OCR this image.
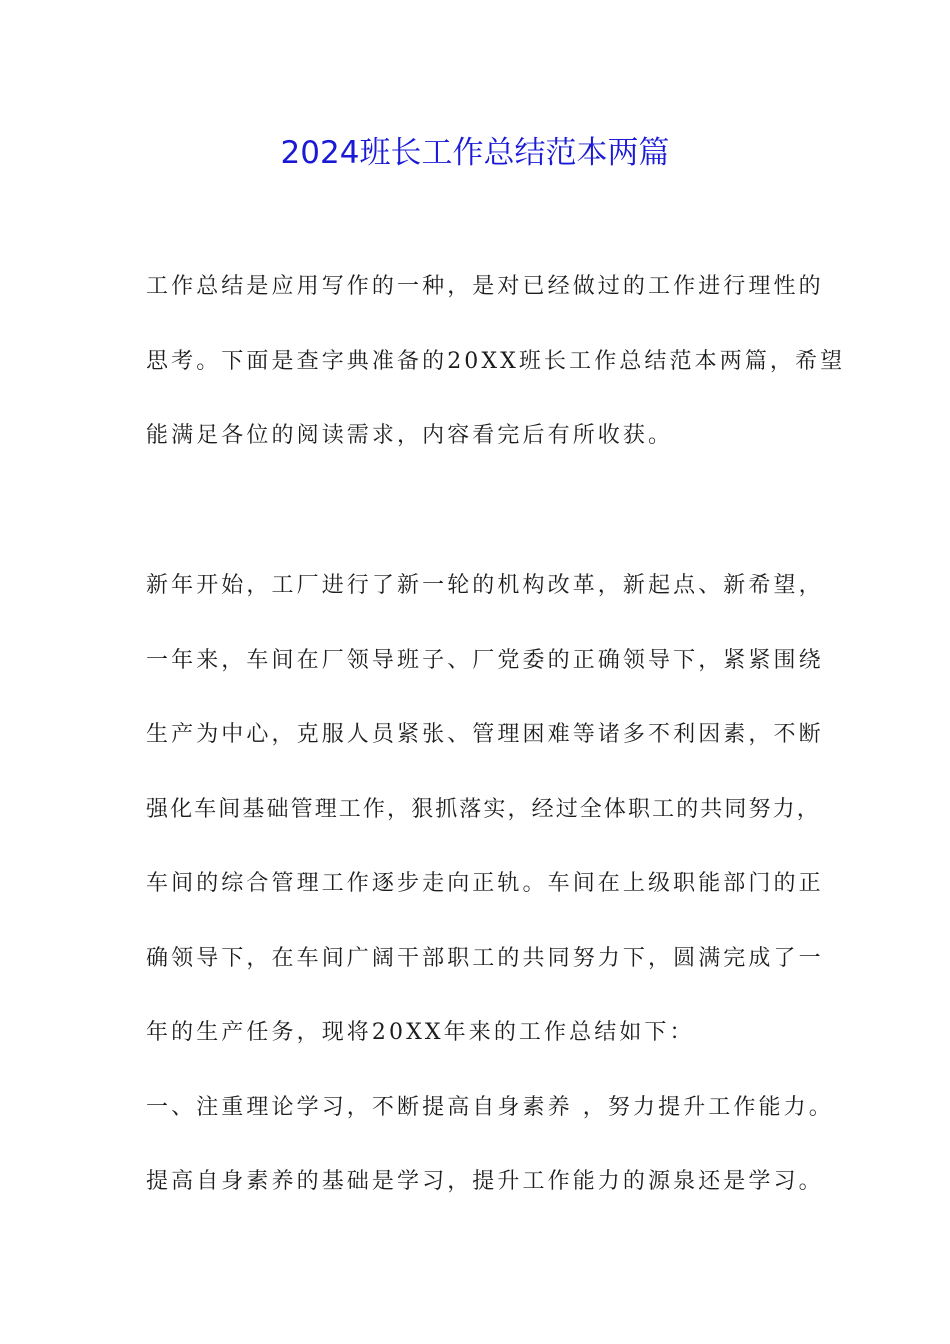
2024班长工作总结范本两篇
工作总结是应用写作的一种，是对已经做过的工作进行理性的
思考。下面是查字典准备的20XX班长工作总结范本两篇，希望
能满足各位的阅读需求，内容看完后有所收获。
新年开始，工厂进行了新一轮的机构改革，新起点、新希望，
一年来，车间在厂领导班子、厂党委的正确领导下，紧紧围绕
生产为中心，克服人员紧张、管理困难等诸多不利因素，不断
强化车间基础管理工作，狠抓落实，经过全体职工的共同努力，
车间的综合管理工作逐步走向正轨。车间在上级职能部门的正
确领导下，在车间广阔干部职工的共同努力下，圆满完成了一
年的生产任务，现将20XX年来的工作总结如下：
一、注重理论学习，不断提高自身素养 ，努力提升工作能力。
提高自身素养的基础是学习，提升工作能力的源泉还是学习。
